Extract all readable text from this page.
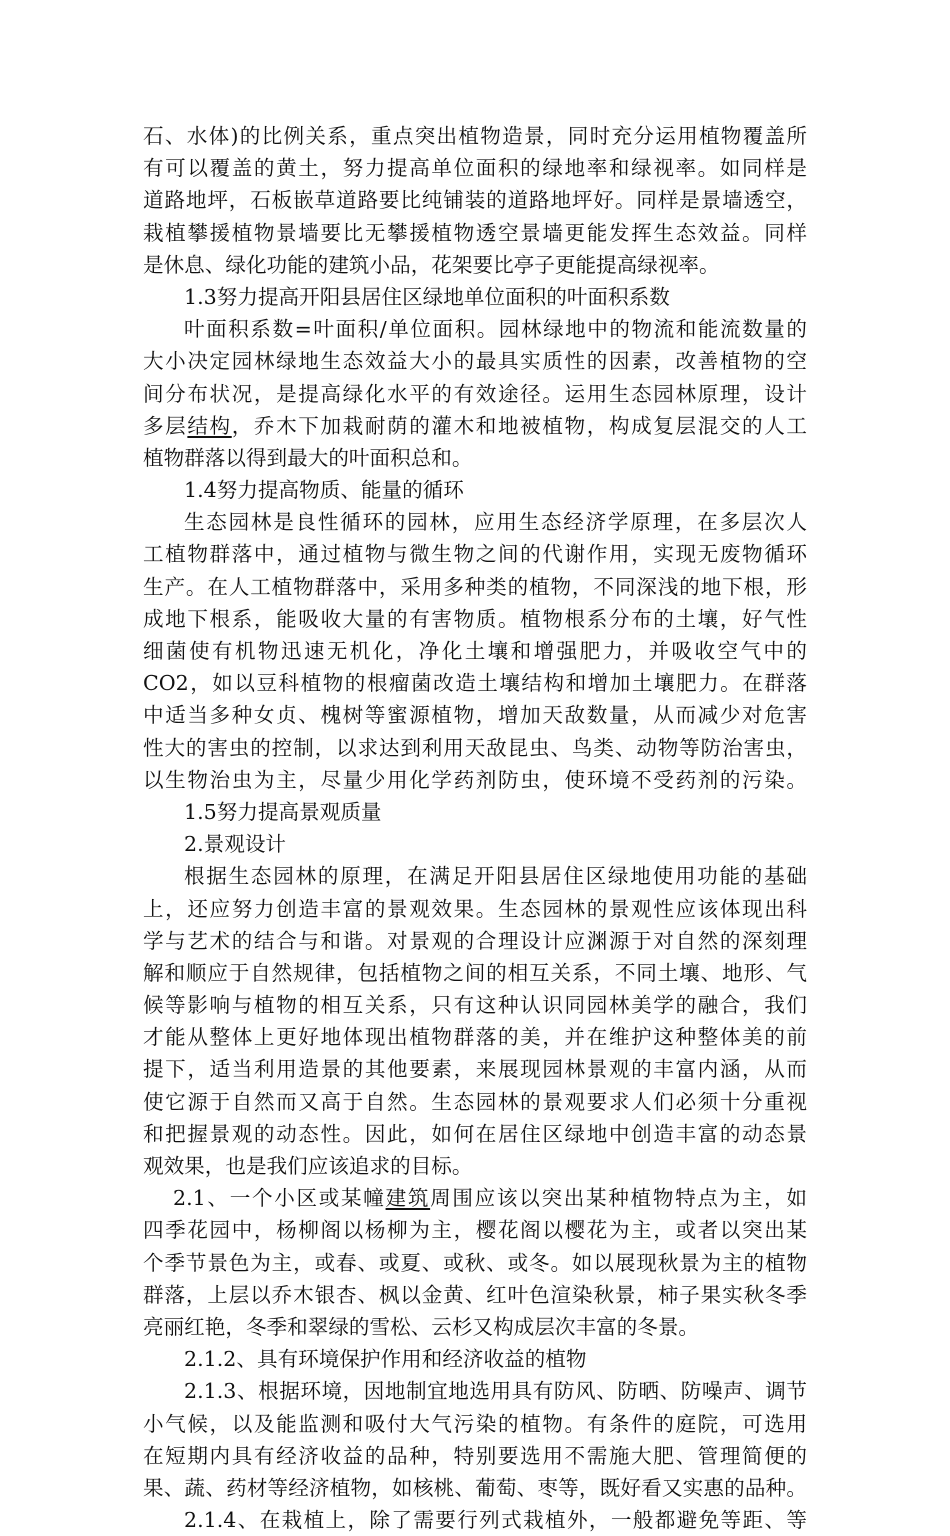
石、水体)的比例关系，重点突出植物造景，同时充分运用植物覆盖所
有可以覆盖的黄土，努力提高单位面积的绿地率和绿视率。如同样是
道路地坪，石板嵌草道路要比纯铺装的道路地坪好。同样是景墙透空，
栽植攀援植物景墙要比无攀援植物透空景墙更能发挥生态效益。同样
是休息、绿化功能的建筑小品，花架要比亭子更能提高绿视率。
1.3努力提高开阳县居住区绿地单位面积的叶面积系数
叶面积系数=叶面积/单位面积。园林绿地中的物流和能流数量的
大小决定园林绿地生态效益大小的最具实质性的因素，改善植物的空
间分布状况，是提高绿化水平的有效途径。运用生态园林原理，设计
多层结构，乔木下加栽耐荫的灌木和地被植物，构成复层混交的人工
植物群落以得到最大的叶面积总和。
1.4努力提高物质、能量的循环
生态园林是良性循环的园林，应用生态经济学原理，在多层次人
工植物群落中，通过植物与微生物之间的代谢作用，实现无废物循环
生产。在人工植物群落中，采用多种类的植物，不同深浅的地下根，形
成地下根系，能吸收大量的有害物质。植物根系分布的土壤，好气性
细菌使有机物迅速无机化，净化土壤和增强肥力，并吸收空气中的
CO2，如以豆科植物的根瘤菌改造土壤结构和增加土壤肥力。在群落
中适当多种女贞、槐树等蜜源植物，增加天敌数量，从而减少对危害
性大的害虫的控制，以求达到利用天敌昆虫、鸟类、动物等防治害虫，
以生物治虫为主，尽量少用化学药剂防虫，使环境不受药剂的污染。
1.5努力提高景观质量
2.景观设计
根据生态园林的原理，在满足开阳县居住区绿地使用功能的基础
上，还应努力创造丰富的景观效果。生态园林的景观性应该体现出科
学与艺术的结合与和谐。对景观的合理设计应渊源于对自然的深刻理
解和顺应于自然规律，包括植物之间的相互关系，不同土壤、地形、气
候等影响与植物的相互关系，只有这种认识同园林美学的融合，我们
才能从整体上更好地体现出植物群落的美，并在维护这种整体美的前
提下，适当利用造景的其他要素，来展现园林景观的丰富内涵，从而
使它源于自然而又高于自然。生态园林的景观要求人们必须十分重视
和把握景观的动态性。因此，如何在居住区绿地中创造丰富的动态景
观效果，也是我们应该追求的目标。
2.1、一个小区或某幢建筑周围应该以突出某种植物特点为主，如
四季花园中，杨柳阁以杨柳为主，樱花阁以樱花为主，或者以突出某
个季节景色为主，或春、或夏、或秋、或冬。如以展现秋景为主的植物
群落，上层以乔木银杏、枫以金黄、红叶色渲染秋景，柿子果实秋冬季
亮丽红艳，冬季和翠绿的雪松、云杉又构成层次丰富的冬景。
2.1.2、具有环境保护作用和经济收益的植物
2.1.3、根据环境，因地制宜地选用具有防风、防晒、防噪声、调节
小气候，以及能监测和吸付大气污染的植物。有条件的庭院，可选用
在短期内具有经济收益的品种，特别要选用不需施大肥、管理简便的
果、蔬、药材等经济植物，如核桃、葡萄、枣等，既好看又实惠的品种。
2.1.4、在栽植上，除了需要行列式栽植外，一般都避免等距、等
